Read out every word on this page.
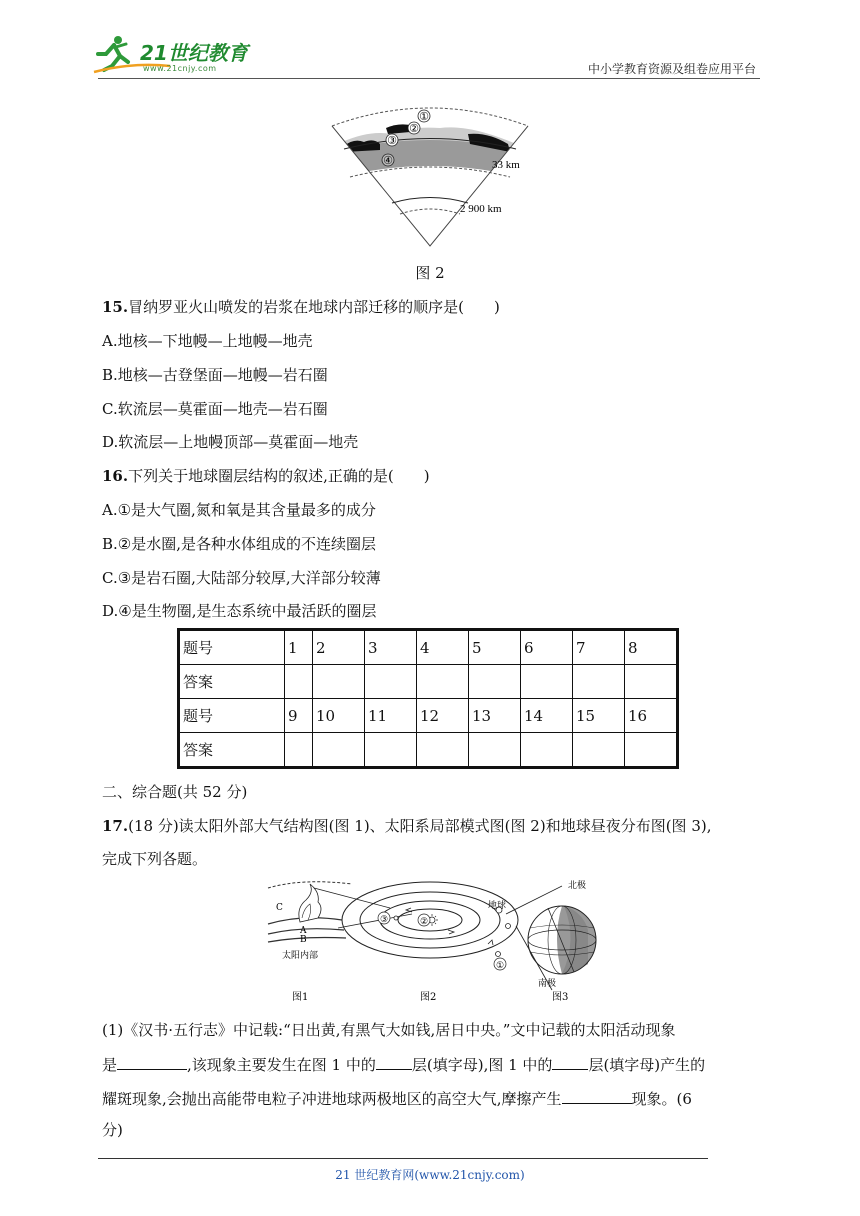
21世纪教育
www.21cnjy.com	中小学教育资源及组卷应用平台
①
②
③
④	33 km
2 900 km
图 2
15.冒纳罗亚火山喷发的岩浆在地球内部迁移的顺序是(　　)
A.地核—下地幔—上地幔—地壳
B.地核—古登堡面—地幔—岩石圈
C.软流层—莫霍面—地壳—岩石圈
D.软流层—上地幔顶部—莫霍面—地壳
16.下列关于地球圈层结构的叙述,正确的是(　　)
A.①是大气圈,氮和氧是其含量最多的成分
B.②是水圈,是各种水体组成的不连续圈层
C.③是岩石圈,大陆部分较厚,大洋部分较薄
D.④是生物圈,是生态系统中最活跃的圈层
题号	1	2	3	4	5	6	7	8
答案								
题号	9	10	11	12	13	14	15	16
答案								
二、综合题(共 52 分)
17.(18 分)读太阳外部大气结构图(图 1)、太阳系局部模式图(图 2)和地球昼夜分布图(图 3),
完成下列各题。
C
A
B
太阳内部
②
③
①
地球
北极
南极
图1	图2	图3
(1)《汉书·五行志》中记载:“日出黄,有黑气大如钱,居日中央。”文中记载的太阳活动现象
是	,该现象主要发生在图 1 中的 层(填字母),图 1 中的 层(填字母)产生的
耀斑现象,会抛出高能带电粒子冲进地球两极地区的高空大气,摩擦产生	现象。(6
分)
21 世纪教育网(www.21cnjy.com)
